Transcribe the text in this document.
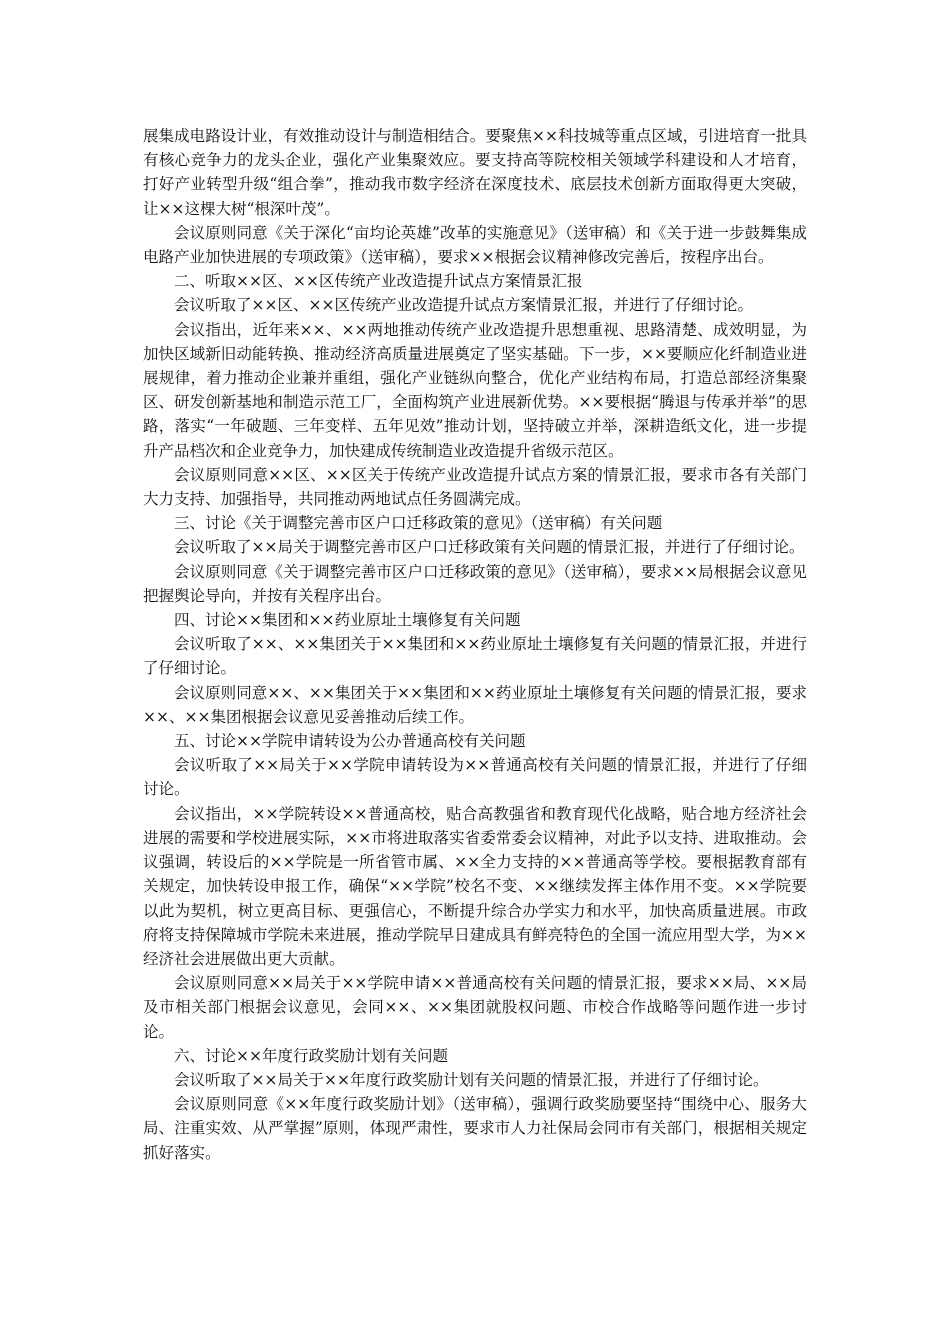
展集成电路设计业，有效推动设计与制造相结合。要聚焦××科技城等重点区域，引进培育一批具有核心竞争力的龙头企业，强化产业集聚效应。要支持高等院校相关领域学科建设和人才培育，打好产业转型升级“组合拳”，推动我市数字经济在深度技术、底层技术创新方面取得更大突破，让××这棵大树“根深叶茂”。

会议原则同意《关于深化“亩均论英雄”改革的实施意见》（送审稿）和《关于进一步鼓舞集成电路产业加快进展的专项政策》（送审稿），要求××根据会议精神修改完善后，按程序出台。

二、听取××区、××区传统产业改造提升试点方案情景汇报

会议听取了××区、××区传统产业改造提升试点方案情景汇报，并进行了仔细讨论。

会议指出，近年来××、××两地推动传统产业改造提升思想重视、思路清楚、成效明显，为加快区域新旧动能转换、推动经济高质量进展奠定了坚实基础。下一步，××要顺应化纤制造业进展规律，着力推动企业兼并重组，强化产业链纵向整合，优化产业结构布局，打造总部经济集聚区、研发创新基地和制造示范工厂，全面构筑产业进展新优势。××要根据“腾退与传承并举”的思路，落实“一年破题、三年变样、五年见效”推动计划，坚持破立并举，深耕造纸文化，进一步提升产品档次和企业竞争力，加快建成传统制造业改造提升省级示范区。

会议原则同意××区、××区关于传统产业改造提升试点方案的情景汇报，要求市各有关部门大力支持、加强指导，共同推动两地试点任务圆满完成。

三、讨论《关于调整完善市区户口迁移政策的意见》（送审稿）有关问题

会议听取了××局关于调整完善市区户口迁移政策有关问题的情景汇报，并进行了仔细讨论。

会议原则同意《关于调整完善市区户口迁移政策的意见》（送审稿），要求××局根据会议意见把握舆论导向，并按有关程序出台。

四、讨论××集团和××药业原址土壤修复有关问题

会议听取了××、××集团关于××集团和××药业原址土壤修复有关问题的情景汇报，并进行了仔细讨论。

会议原则同意××、××集团关于××集团和××药业原址土壤修复有关问题的情景汇报，要求××、××集团根据会议意见妥善推动后续工作。

五、讨论××学院申请转设为公办普通高校有关问题

会议听取了××局关于××学院申请转设为××普通高校有关问题的情景汇报，并进行了仔细讨论。

会议指出，××学院转设××普通高校，贴合高教强省和教育现代化战略，贴合地方经济社会进展的需要和学校进展实际，××市将进取落实省委常委会议精神，对此予以支持、进取推动。会议强调，转设后的××学院是一所省管市属、××全力支持的××普通高等学校。要根据教育部有关规定，加快转设申报工作，确保“××学院”校名不变、××继续发挥主体作用不变。××学院要以此为契机，树立更高目标、更强信心，不断提升综合办学实力和水平，加快高质量进展。市政府将支持保障城市学院未来进展，推动学院早日建成具有鲜亮特色的全国一流应用型大学，为××经济社会进展做出更大贡献。

会议原则同意××局关于××学院申请××普通高校有关问题的情景汇报，要求××局、××局及市相关部门根据会议意见，会同××、××集团就股权问题、市校合作战略等问题作进一步讨论。

六、讨论××年度行政奖励计划有关问题

会议听取了××局关于××年度行政奖励计划有关问题的情景汇报，并进行了仔细讨论。

会议原则同意《××年度行政奖励计划》（送审稿），强调行政奖励要坚持“围绕中心、服务大局、注重实效、从严掌握”原则，体现严肃性，要求市人力社保局会同市有关部门，根据相关规定抓好落实。
